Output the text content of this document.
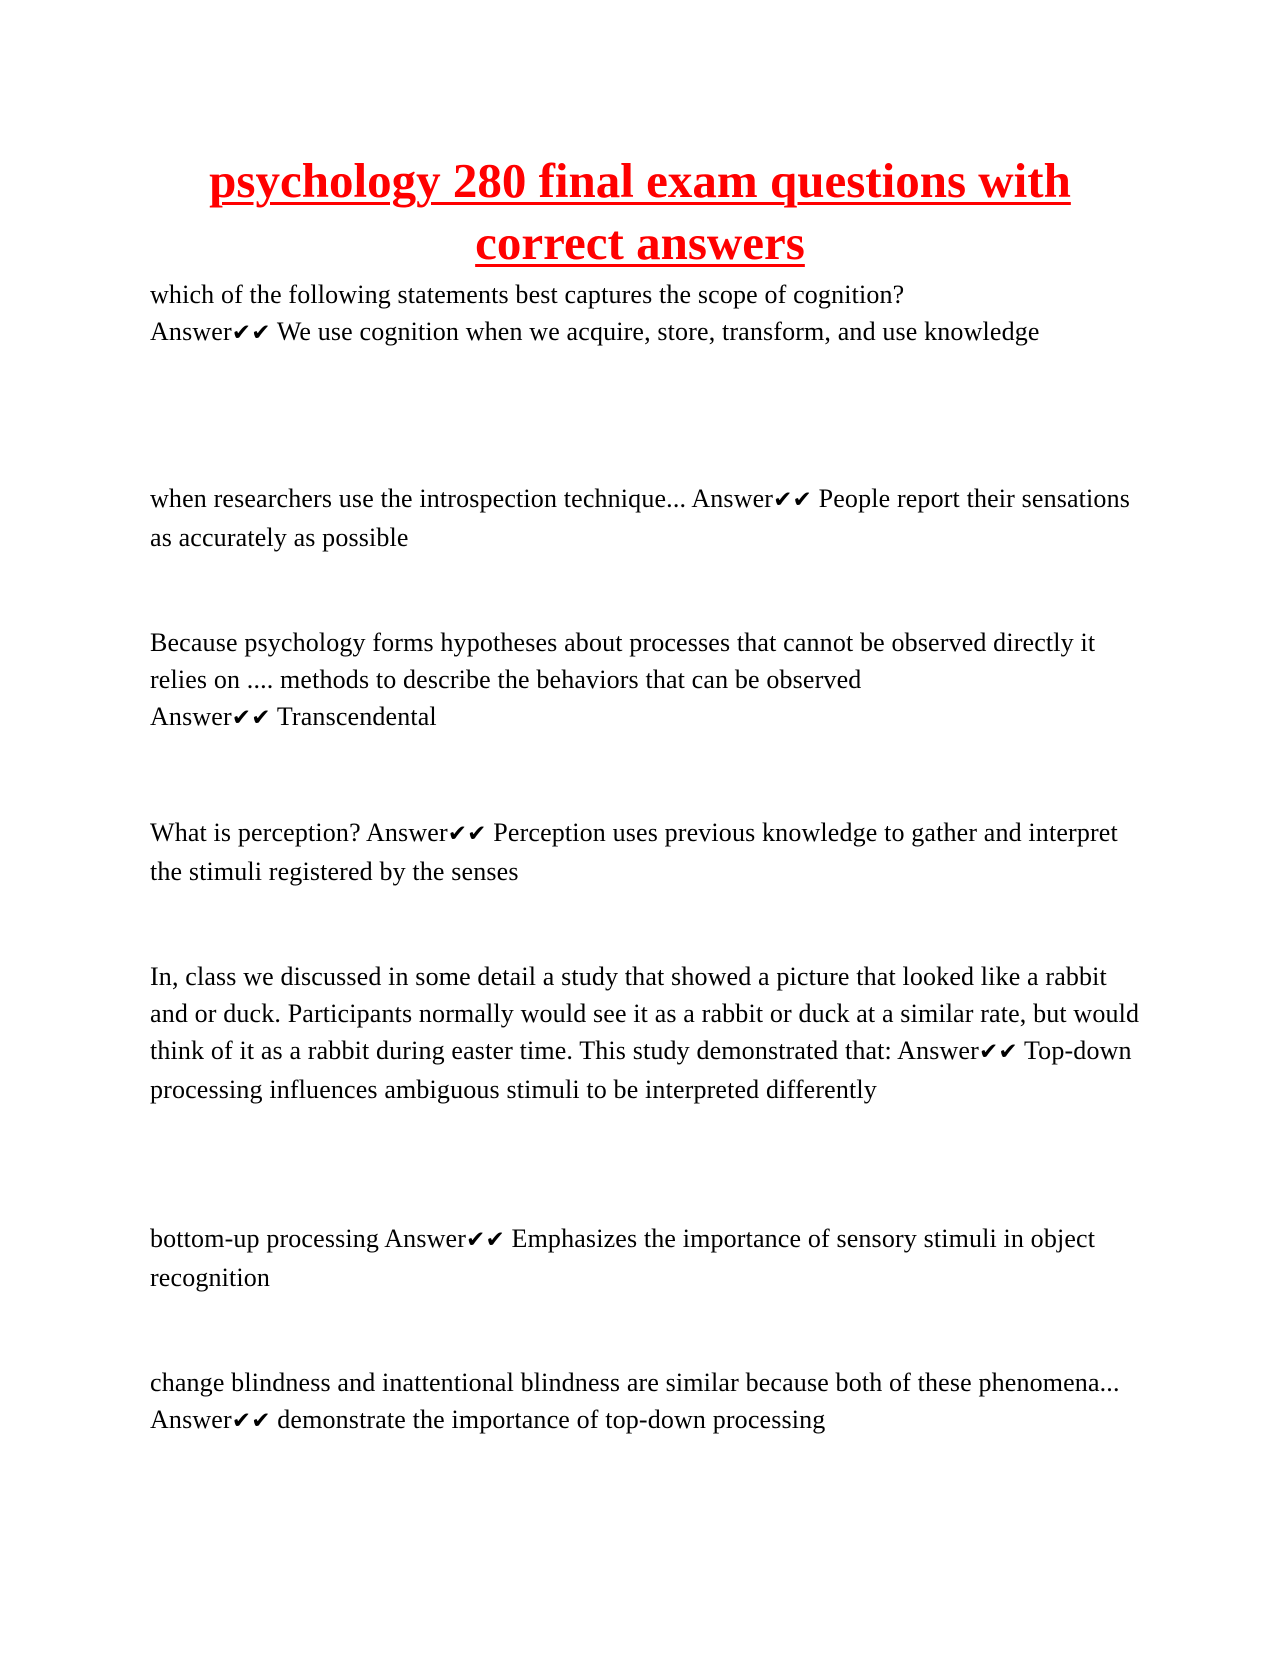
psychology 280 final exam questions with correct answers

which of the following statements best captures the scope of cognition?
Answer✔✔ We use cognition when we acquire, store, transform, and use knowledge

when researchers use the introspection technique... Answer✔✔ People report their sensations as accurately as possible

Because psychology forms hypotheses about processes that cannot be observed directly it relies on .... methods to describe the behaviors that can be observed
Answer✔✔ Transcendental

What is perception? Answer✔✔ Perception uses previous knowledge to gather and interpret the stimuli registered by the senses

In, class we discussed in some detail a study that showed a picture that looked like a rabbit and or duck. Participants normally would see it as a rabbit or duck at a similar rate, but would think of it as a rabbit during easter time. This study demonstrated that: Answer✔✔ Top-down processing influences ambiguous stimuli to be interpreted differently

bottom-up processing Answer✔✔ Emphasizes the importance of sensory stimuli in object recognition

change blindness and inattentional blindness are similar because both of these phenomena... Answer✔✔ demonstrate the importance of top-down processing
